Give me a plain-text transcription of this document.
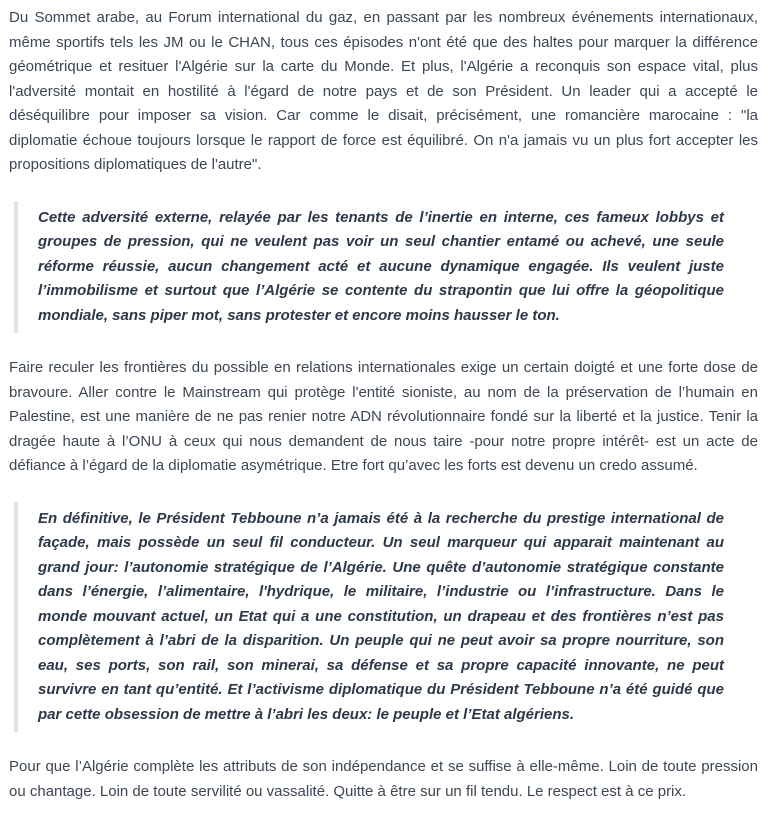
Du Sommet arabe, au Forum international du gaz, en passant par les nombreux événements internationaux, même sportifs tels les JM ou le CHAN, tous ces épisodes n'ont été que des haltes pour marquer la différence géométrique et resituer l'Algérie sur la carte du Monde. Et plus, l'Algérie a reconquis son espace vital, plus l'adversité montait en hostilité à l'égard de notre pays et de son Président. Un leader qui a accepté le déséquilibre pour imposer sa vision. Car comme le disait, précisément, une romancière marocaine : "la diplomatie échoue toujours lorsque le rapport de force est équilibré. On n'a jamais vu un plus fort accepter les propositions diplomatiques de l'autre".

Cette adversité externe, relayée par les tenants de l’inertie en interne, ces fameux lobbys et groupes de pression, qui ne veulent pas voir un seul chantier entamé ou achevé, une seule réforme réussie, aucun changement acté et aucune dynamique engagée. Ils veulent juste l’immobilisme et surtout que l’Algérie se contente du strapontin que lui offre la géopolitique mondiale, sans piper mot, sans protester et encore moins hausser le ton.

Faire reculer les frontières du possible en relations internationales exige un certain doigté et une forte dose de bravoure. Aller contre le Mainstream qui protège l'entité sioniste, au nom de la préservation de l’humain en Palestine, est une manière de ne pas renier notre ADN révolutionnaire fondé sur la liberté et la justice. Tenir la dragée haute à l’ONU à ceux qui nous demandent de nous taire -pour notre propre intérêt- est un acte de défiance à l’égard de la diplomatie asymétrique. Etre fort qu’avec les forts est devenu un credo assumé.

En définitive, le Président Tebboune n’a jamais été à la recherche du prestige international de façade, mais possède un seul fil conducteur. Un seul marqueur qui apparait maintenant au grand jour: l’autonomie stratégique de l’Algérie. Une quête d’autonomie stratégique constante dans l’énergie, l’alimentaire, l'hydrique, le militaire, l’industrie ou l’infrastructure. Dans le monde mouvant actuel, un Etat qui a une constitution, un drapeau et des frontières n’est pas complètement à l’abri de la disparition. Un peuple qui ne peut avoir sa propre nourriture, son eau, ses ports, son rail, son minerai, sa défense et sa propre capacité innovante, ne peut survivre en tant qu’entité. Et l’activisme diplomatique du Président Tebboune n’a été guidé que par cette obsession de mettre à l’abri les deux: le peuple et l’Etat algériens.

Pour que l’Algérie complète les attributs de son indépendance et se suffise à elle-même. Loin de toute pression ou chantage. Loin de toute servilité ou vassalité. Quitte à être sur un fil tendu. Le respect est à ce prix.
